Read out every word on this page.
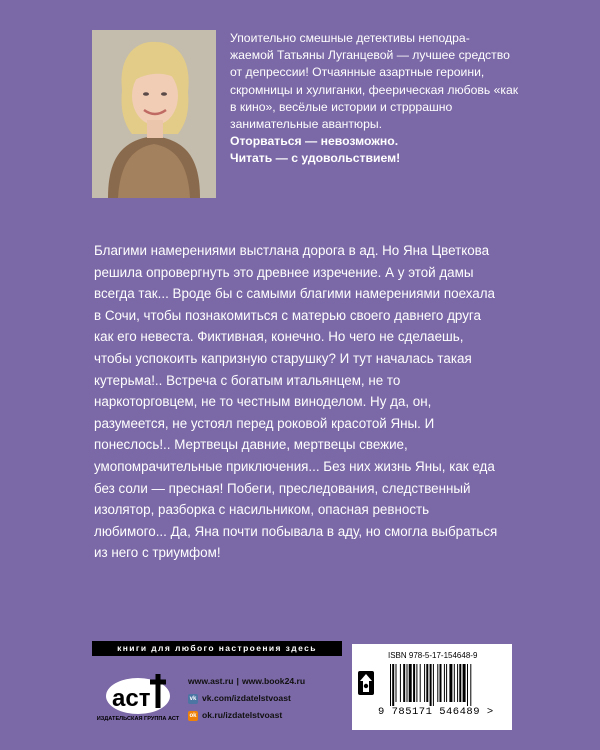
Упоительно смешные детективы неподра-
жаемой Татьяны Луганцевой — лучшее средство от депрессии! Отчаянные азартные героини, скромницы и хулиганки, феерическая любовь «как в кино», весёлые истории и стрррашно занимательные авантюры.

Оторваться — невозможно.

Читать — с удовольствием!

Благими намерениями выстлана дорога в ад. Но Яна Цветкова решила опровергнуть это древнее изречение. А у этой дамы всегда так... Вроде бы с самыми благими намерениями поехала в Сочи, чтобы познакомиться с матерью своего давнего друга как его невеста. Фиктивная, конечно. Но чего не сделаешь, чтобы успокоить капризную старушку? И тут началась такая кутерьма!.. Встреча с богатым итальянцем, не то наркоторговцем, не то честным виноделом. Ну да, он, разумеется, не устоял перед роковой красотой Яны. И понеслось!.. Мертвецы давние, мертвецы свежие, умопомрачительные приключения... Без них жизнь Яны, как еда без соли — пресная! Побеги, преследования, следственный изолятор, разборка с насильником, опасная ревность любимого... Да, Яна почти побывала в аду, но смогла выбраться из него с триумфом!

книги для любого настроения здесь
аст
ИЗДАТЕЛЬСКАЯ ГРУППА АСТ
www.ast.ru | www.book24.ru
vk vk.com/izdatelstvoast
ok ok.ru/izdatelstvoast
ISBN 978-5-17-154648-9
9 785171 546489 >
